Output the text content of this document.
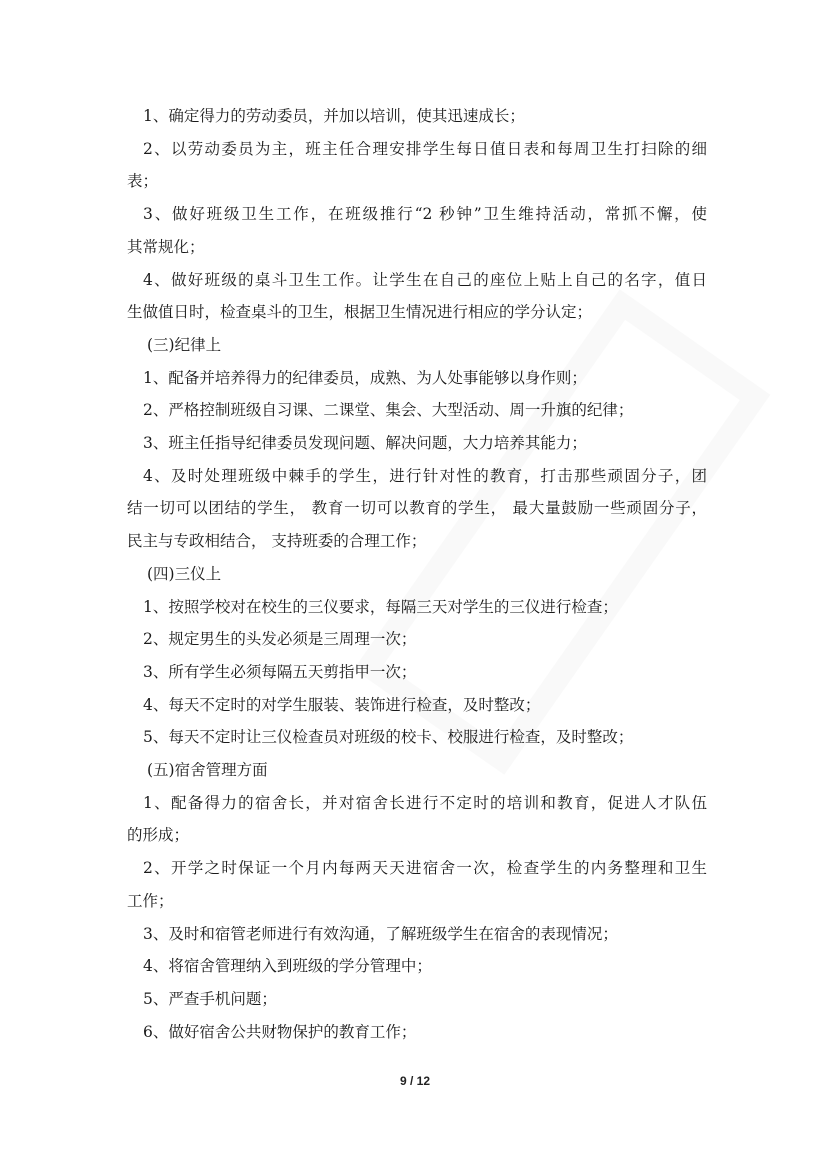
1、确定得力的劳动委员，并加以培训，使其迅速成长；
2、以劳动委员为主，班主任合理安排学生每日值日表和每周卫生打扫除的细
表；
3、做好班级卫生工作，在班级推行“2 秒钟”卫生维持活动，常抓不懈，使
其常规化；
4、做好班级的桌斗卫生工作。让学生在自己的座位上贴上自己的名字，值日
生做值日时，检查桌斗的卫生，根据卫生情况进行相应的学分认定；
(三)纪律上
1、配备并培养得力的纪律委员，成熟、为人处事能够以身作则；
2、严格控制班级自习课、二课堂、集会、大型活动、周一升旗的纪律；
3、班主任指导纪律委员发现问题、解决问题，大力培养其能力；
4、及时处理班级中棘手的学生，进行针对性的教育，打击那些顽固分子，团
结一切可以团结的学生， 教育一切可以教育的学生， 最大量鼓励一些顽固分子，
民主与专政相结合， 支持班委的合理工作；
(四)三仪上
1、按照学校对在校生的三仪要求，每隔三天对学生的三仪进行检查；
2、规定男生的头发必须是三周理一次；
3、所有学生必须每隔五天剪指甲一次；
4、每天不定时的对学生服装、装饰进行检查，及时整改；
5、每天不定时让三仪检查员对班级的校卡、校服进行检查，及时整改；
(五)宿舍管理方面
1、配备得力的宿舍长，并对宿舍长进行不定时的培训和教育，促进人才队伍
的形成；
2、开学之时保证一个月内每两天天进宿舍一次，检查学生的内务整理和卫生
工作；
3、及时和宿管老师进行有效沟通，了解班级学生在宿舍的表现情况；
4、将宿舍管理纳入到班级的学分管理中；
5、严查手机问题；
6、做好宿舍公共财物保护的教育工作；
9 / 12
